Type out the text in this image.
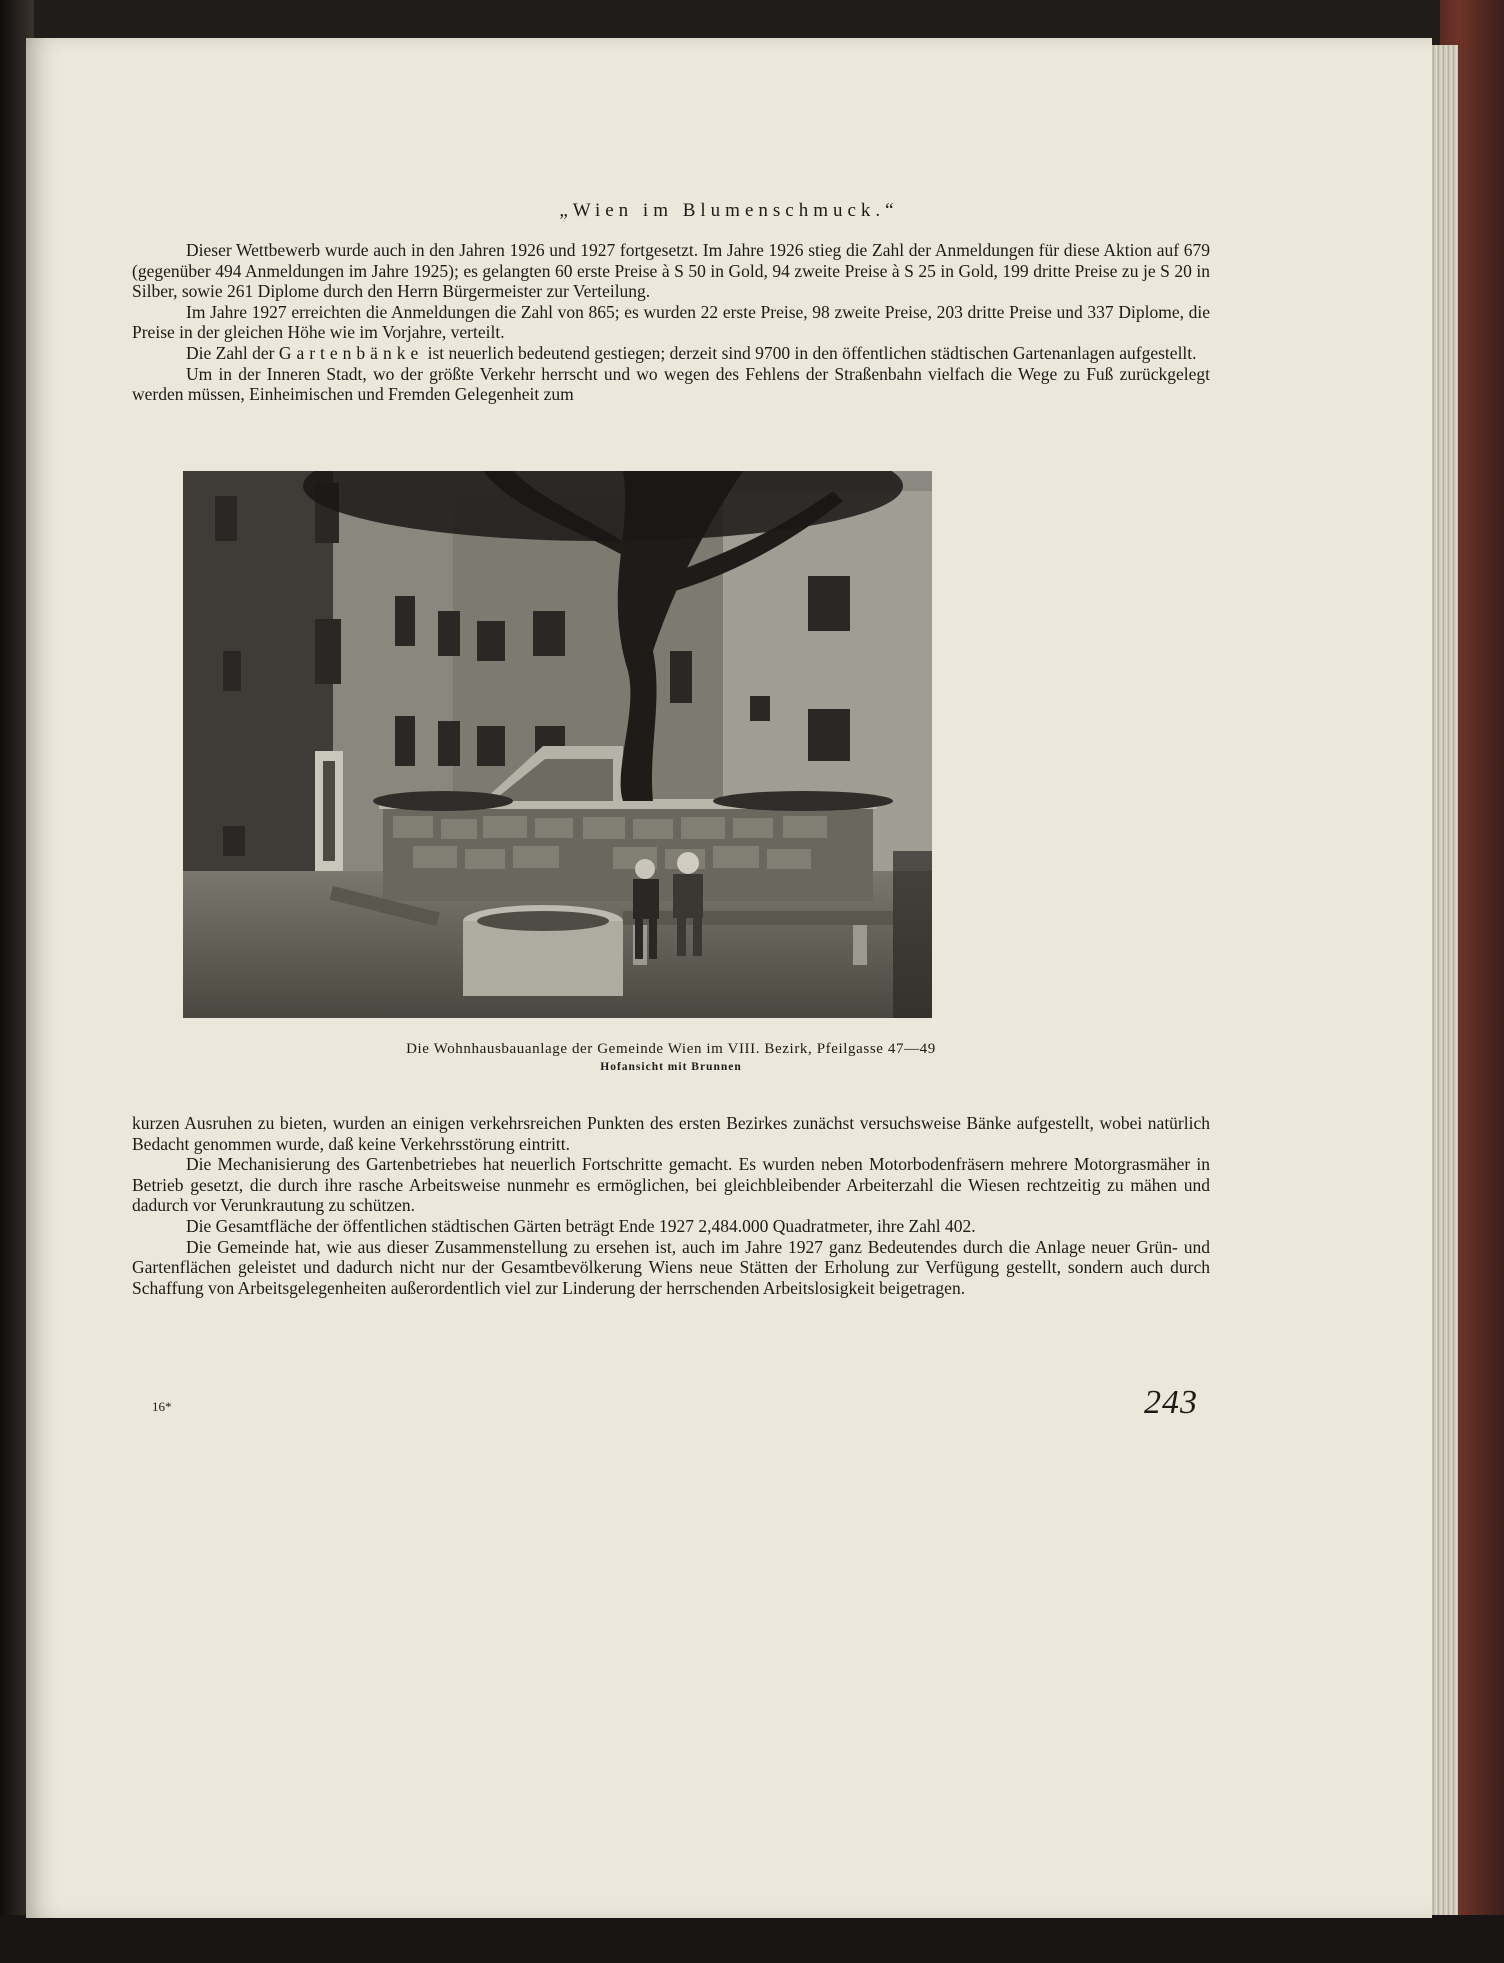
„Wien im Blumenschmuck.“

Dieser Wettbewerb wurde auch in den Jahren 1926 und 1927 fortgesetzt. Im Jahre 1926 stieg die Zahl der Anmeldungen für diese Aktion auf 679 (gegenüber 494 Anmeldungen im Jahre 1925); es gelangten 60 erste Preise à S 50 in Gold, 94 zweite Preise à S 25 in Gold, 199 dritte Preise zu je S 20 in Silber, sowie 261 Diplome durch den Herrn Bürgermeister zur Verteilung.

Im Jahre 1927 erreichten die Anmeldungen die Zahl von 865; es wurden 22 erste Preise, 98 zweite Preise, 203 dritte Preise und 337 Diplome, die Preise in der gleichen Höhe wie im Vorjahre, verteilt.

Die Zahl der Gartenbänke ist neuerlich bedeutend gestiegen; derzeit sind 9700 in den öffentlichen städtischen Gartenanlagen aufgestellt.

Um in der Inneren Stadt, wo der größte Verkehr herrscht und wo wegen des Fehlens der Straßenbahn vielfach die Wege zu Fuß zurückgelegt werden müssen, Einheimischen und Fremden Gelegenheit zum

Die Wohnhausbauanlage der Gemeinde Wien im VIII. Bezirk, Pfeilgasse 47—49
Hofansicht mit Brunnen

kurzen Ausruhen zu bieten, wurden an einigen verkehrsreichen Punkten des ersten Bezirkes zunächst versuchsweise Bänke aufgestellt, wobei natürlich Bedacht genommen wurde, daß keine Verkehrsstörung eintritt.

Die Mechanisierung des Gartenbetriebes hat neuerlich Fortschritte gemacht. Es wurden neben Motorbodenfräsern mehrere Motorgrasmäher in Betrieb gesetzt, die durch ihre rasche Arbeitsweise nunmehr es ermöglichen, bei gleichbleibender Arbeiterzahl die Wiesen rechtzeitig zu mähen und dadurch vor Verunkrautung zu schützen.

Die Gesamtfläche der öffentlichen städtischen Gärten beträgt Ende 1927 2,484.000 Quadratmeter, ihre Zahl 402.

Die Gemeinde hat, wie aus dieser Zusammenstellung zu ersehen ist, auch im Jahre 1927 ganz Bedeutendes durch die Anlage neuer Grün- und Gartenflächen geleistet und dadurch nicht nur der Gesamtbevölkerung Wiens neue Stätten der Erholung zur Verfügung gestellt, sondern auch durch Schaffung von Arbeitsgelegenheiten außerordentlich viel zur Linderung der herrschenden Arbeitslosigkeit beigetragen.

16*	243
